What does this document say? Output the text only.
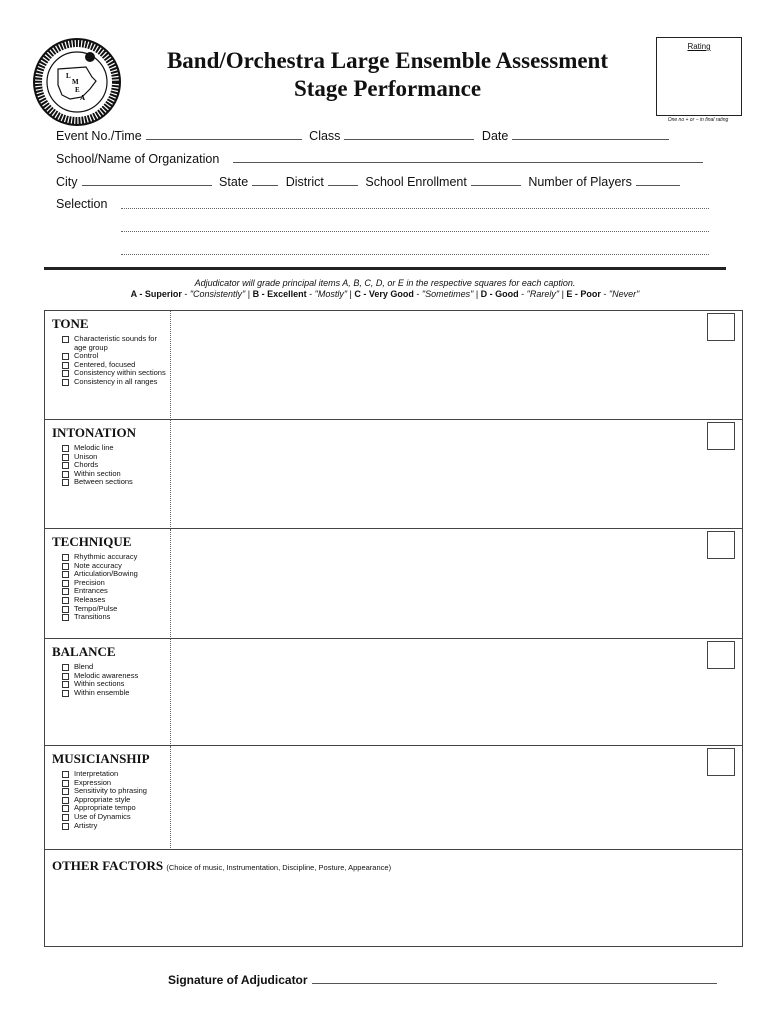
L
M
E
A
Band/Orchestra Large Ensemble Assessment
Stage Performance
Rating
One no + or − in final rating
Event No./Time	Class	Date
School/Name of Organization
City	State	District	School Enrollment	Number of Players
Selection
Adjudicator will grade principal items A, B, C, D, or E in the respective squares for each caption.
A - Superior - "Consistently" | B - Excellent - "Mostly" | C - Very Good - "Sometimes" | D - Good - "Rarely" | E - Poor - "Never"
TONE
Characteristic sounds for age group
Control
Centered, focused
Consistency within sections
Consistency in all ranges
INTONATION
Melodic line
Unison
Chords
Within section
Between sections
TECHNIQUE
Rhythmic accuracy
Note accuracy
Articulation/Bowing
Precision
Entrances
Releases
Tempo/Pulse
Transitions
BALANCE
Blend
Melodic awareness
Within sections
Within ensemble
MUSICIANSHIP
Interpretation
Expression
Sensitivity to phrasing
Appropriate style
Appropriate tempo
Use of Dynamics
Artistry
OTHER FACTORS (Choice of music, Instrumentation, Discipline, Posture, Appearance)
Signature of Adjudicator
